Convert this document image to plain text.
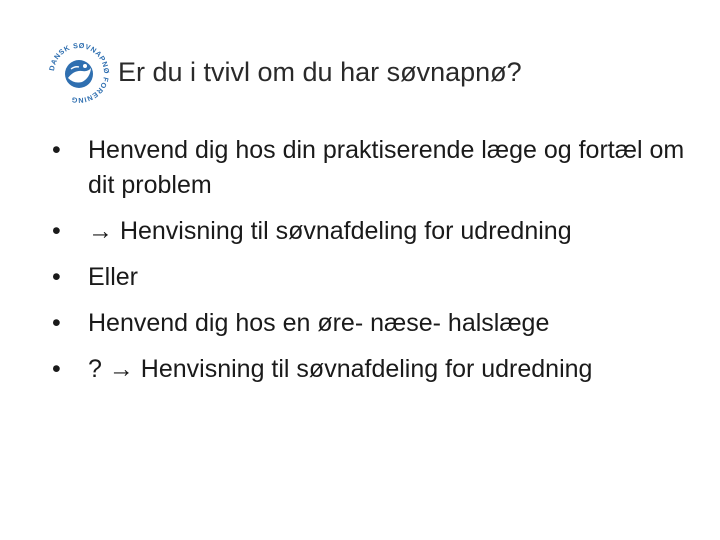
DANSK SØVNAPNØ FORENING
Er du i tvivl om du har søvnapnø?
•	Henvend dig hos din praktiserende læge og fortæl om dit problem
•	→ Henvisning til søvnafdeling for udredning
•	Eller
•	Henvend dig hos en øre- næse- halslæge
•	? → Henvisning til søvnafdeling for udredning
